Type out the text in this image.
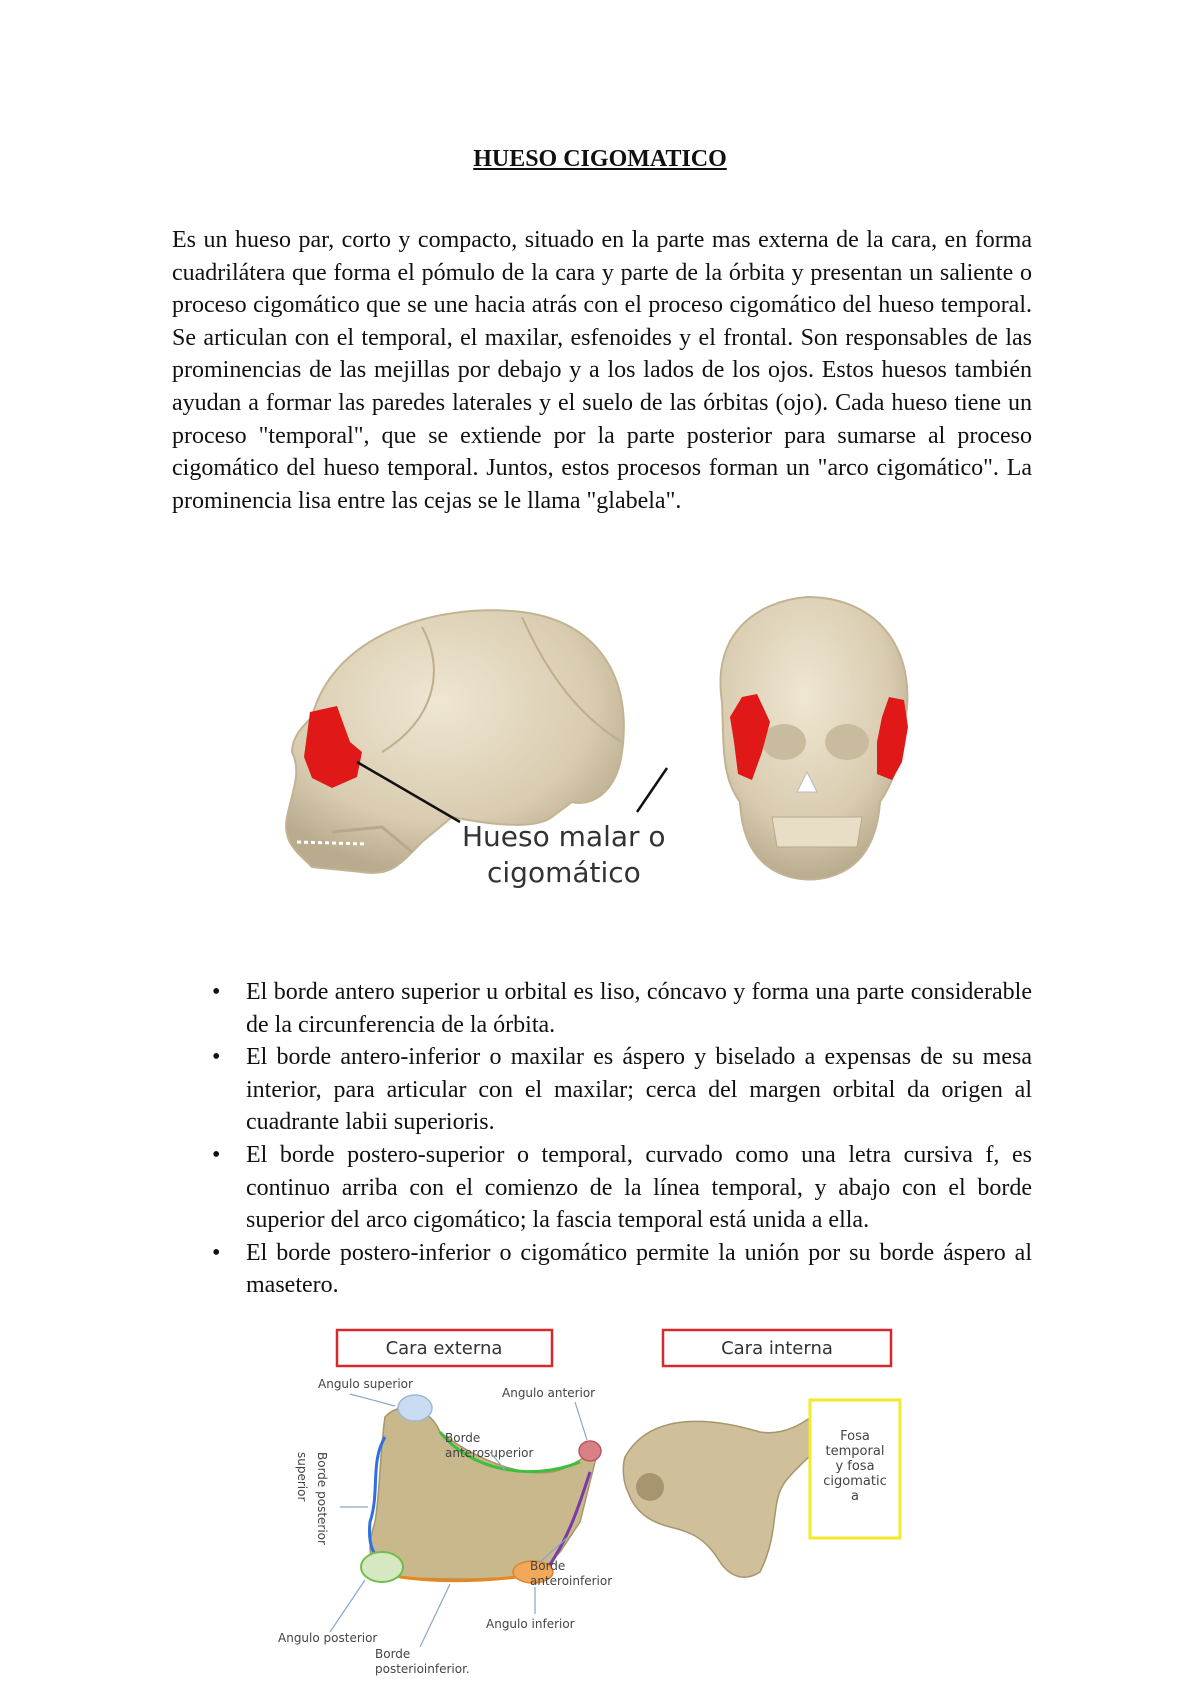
HUESO CIGOMATICO

Es un hueso par, corto y compacto, situado en la parte mas externa de la cara, en forma cuadrilátera que forma el pómulo de la cara y parte de la órbita y presentan un saliente o proceso cigomático que se une hacia atrás con el proceso cigomático del hueso temporal. Se articulan con el temporal, el maxilar, esfenoides y el frontal. Son responsables de las prominencias de las mejillas por debajo y a los lados de los ojos. Estos huesos también ayudan a formar las paredes laterales y el suelo de las órbitas (ojo). Cada hueso tiene un proceso "temporal", que se extiende por la parte posterior para sumarse al proceso cigomático del hueso temporal. Juntos, estos procesos forman un "arco cigomático". La prominencia lisa entre las cejas se le llama "glabela".

Hueso malar o
cigomático
• El borde antero superior u orbital es liso, cóncavo y forma una parte considerable de la circunferencia de la órbita.
• El borde antero-inferior o maxilar es áspero y biselado a expensas de su mesa interior, para articular con el maxilar; cerca del margen orbital da origen al cuadrante labii superioris.
• El borde postero-superior o temporal, curvado como una letra cursiva f, es continuo arriba con el comienzo de la línea temporal, y abajo con el borde superior del arco cigomático; la fascia temporal está unida a ella.
• El borde postero-inferior o cigomático permite la unión por su borde áspero al masetero.
Cara externa	Cara interna
Fosa
temporal
y fosa
cigomatic
a
Angulo superior
Angulo anterior
Borde
anterosuperior
Borde posterior
superior
Borde
anteroinferior
Angulo inferior
Angulo posterior
Borde
posterioinferior.
